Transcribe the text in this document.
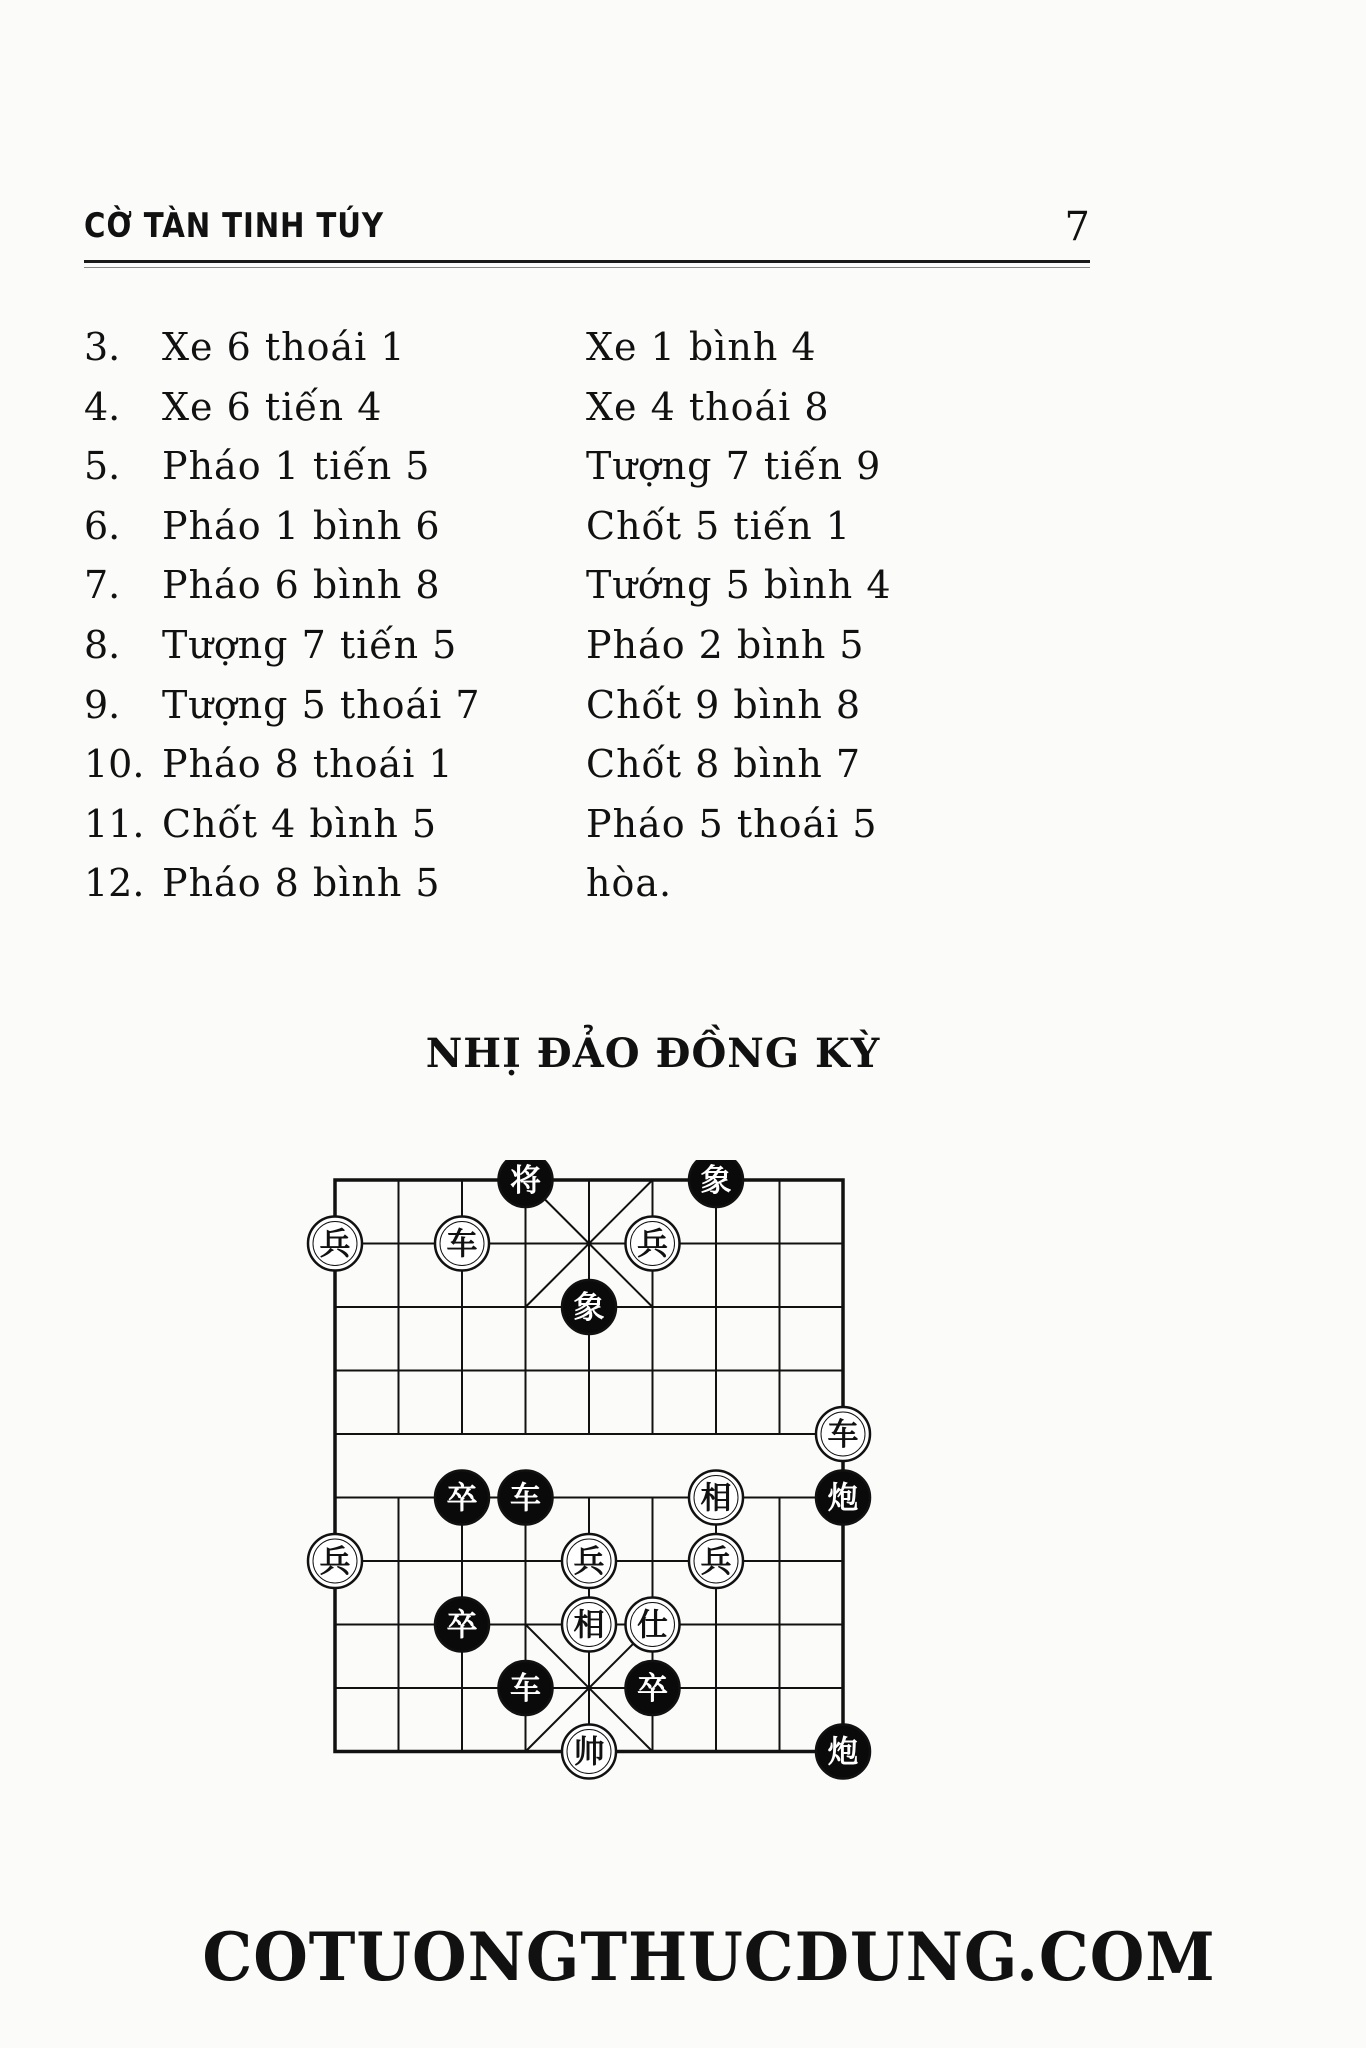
CỜ TÀN TINH TÚY	7
3. Xe 6 thoái 1	Xe 1 bình 4
4. Xe 6 tiến 4	Xe 4 thoái 8
5. Pháo 1 tiến 5	Tượng 7 tiến 9
6. Pháo 1 bình 6	Chốt 5 tiến 1
7. Pháo 6 bình 8	Tướng 5 bình 4
8. Tượng 7 tiến 5	Pháo 2 bình 5
9. Tượng 5 thoái 7	Chốt 9 bình 8
10. Pháo 8 thoái 1	Chốt 8 bình 7
11. Chốt 4 bình 5	Pháo 5 thoái 5
12. Pháo 8 bình 5	hòa.
NHỊ ĐẢO ĐỒNG KỲ
将	象
兵	车	兵
象
车
卒 车	相	炮
兵	兵	兵
卒	相 仕
车	卒
帅	炮
COTUONGTHUCDUNG.COM
